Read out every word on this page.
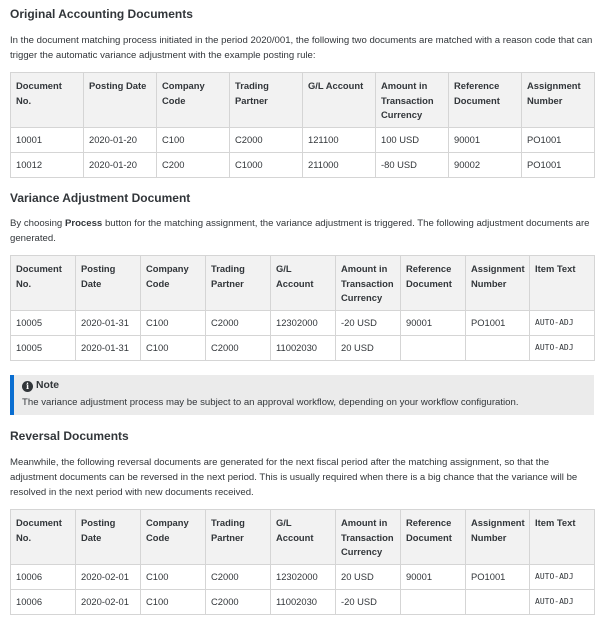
Original Accounting Documents

In the document matching process initiated in the period 2020/001, the following two documents are matched with a reason code that can trigger the automatic variance adjustment with the example posting rule:

Document No.	Posting Date	Company Code	Trading Partner	G/L Account	Amount in Transaction Currency	Reference Document	Assignment Number
10001	2020-01-20	C100	C2000	121100	100 USD	90001	PO1001
10012	2020-01-20	C200	C1000	211000	-80 USD	90002	PO1001
Variance Adjustment Document

By choosing Process button for the matching assignment, the variance adjustment is triggered. The following adjustment documents are generated.

Document No.	Posting Date	Company Code	Trading Partner	G/L Account	Amount in Transaction Currency	Reference Document	Assignment Number	Item Text
10005	2020-01-31	C100	C2000	12302000	-20 USD	90001	PO1001	AUTO-ADJ
10005	2020-01-31	C100	C2000	11002030	20 USD			AUTO-ADJ
i Note
The variance adjustment process may be subject to an approval workflow, depending on your workflow configuration.
Reversal Documents

Meanwhile, the following reversal documents are generated for the next fiscal period after the matching assignment, so that the adjustment documents can be reversed in the next period. This is usually required when there is a big chance that the variance will be resolved in the next period with new documents received.

Document No.	Posting Date	Company Code	Trading Partner	G/L Account	Amount in Transaction Currency	Reference Document	Assignment Number	Item Text
10006	2020-02-01	C100	C2000	12302000	20 USD	90001	PO1001	AUTO-ADJ
10006	2020-02-01	C100	C2000	11002030	-20 USD			AUTO-ADJ
